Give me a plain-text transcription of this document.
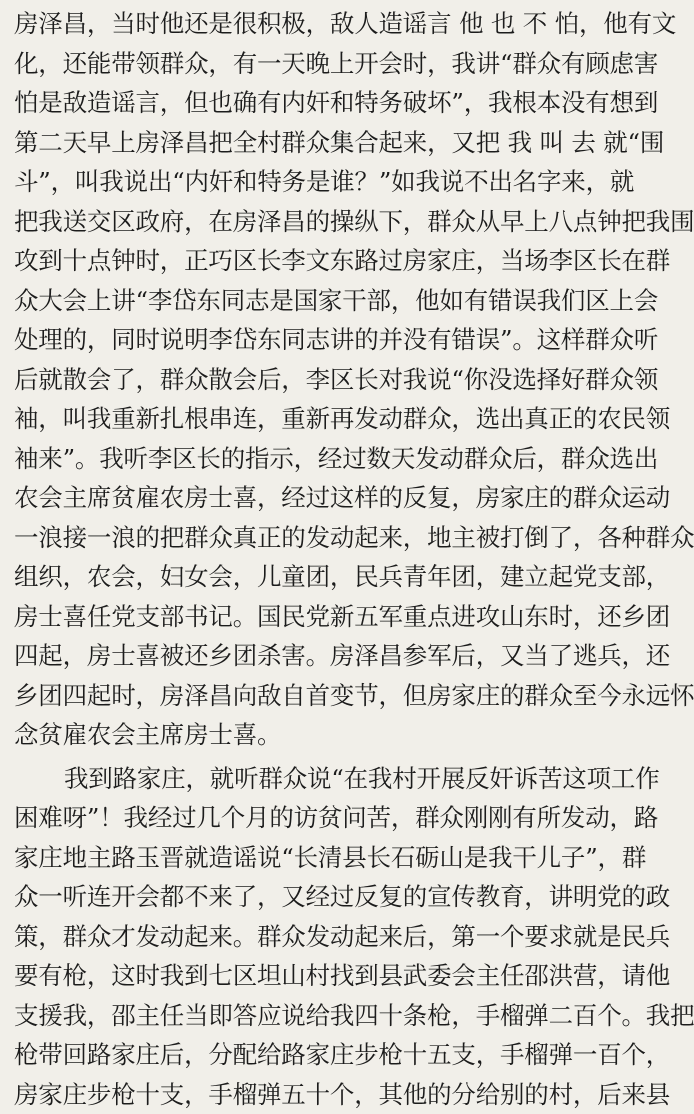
房泽昌，当时他还是很积极，敌人造谣言 他 也 不 怕，他有文

化，还能带领群众，有一天晚上开会时，我讲“群众有顾虑害

怕是敌造谣言，但也确有内奸和特务破坏”，我根本没有想到

第二天早上房泽昌把全村群众集合起来，又把 我 叫 去 就“围

斗”，叫我说出“内奸和特务是谁？”如我说不出名字来，就

把我送交区政府，在房泽昌的操纵下，群众从早上八点钟把我围

攻到十点钟时，正巧区长李文东路过房家庄，当场李区长在群

众大会上讲“李岱东同志是国家干部，他如有错误我们区上会

处理的，同时说明李岱东同志讲的并没有错误”。这样群众听

后就散会了，群众散会后，李区长对我说“你没选择好群众领

袖，叫我重新扎根串连，重新再发动群众，选出真正的农民领

袖来”。我听李区长的指示，经过数天发动群众后，群众选出

农会主席贫雇农房士喜，经过这样的反复，房家庄的群众运动

一浪接一浪的把群众真正的发动起来，地主被打倒了，各种群众

组织，农会，妇女会，儿童团，民兵青年团，建立起党支部，

房士喜任党支部书记。国民党新五军重点进攻山东时，还乡团

四起，房士喜被还乡团杀害。房泽昌参军后，又当了逃兵，还

乡团四起时，房泽昌向敌自首变节，但房家庄的群众至今永远怀

念贫雇农会主席房士喜。

我到路家庄，就听群众说“在我村开展反奸诉苦这项工作

困难呀”！我经过几个月的访贫问苦，群众刚刚有所发动，路

家庄地主路玉晋就造谣说“长清县长石砺山是我干儿子”，群

众一听连开会都不来了，又经过反复的宣传教育，讲明党的政

策，群众才发动起来。群众发动起来后，第一个要求就是民兵

要有枪，这时我到七区坦山村找到县武委会主任邵洪营，请他

支援我，邵主任当即答应说给我四十条枪，手榴弹二百个。我把

枪带回路家庄后，分配给路家庄步枪十五支，手榴弹一百个，

房家庄步枪十支，手榴弹五十个，其他的分给别的村，后来县
